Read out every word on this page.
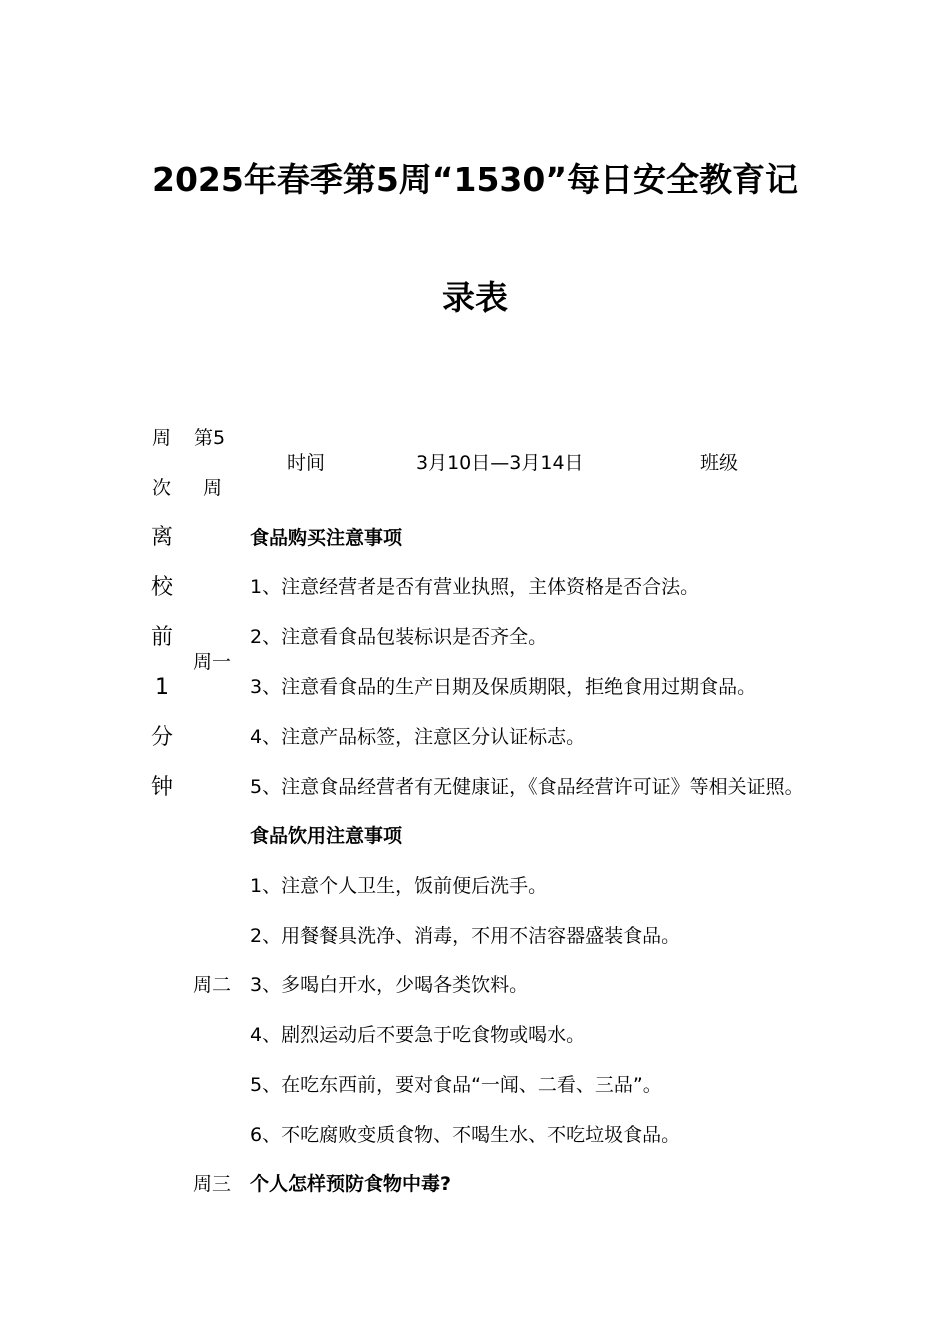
2025年春季第5周“1530”每日安全教育记
录表
周
次
第5
周
时间	3月10日—3月14日	班级
离
校
前
1
分
钟
周一
周二
周三
食品购买注意事项
1、注意经营者是否有营业执照，主体资格是否合法。
2、注意看食品包装标识是否齐全。
3、注意看食品的生产日期及保质期限，拒绝食用过期食品。
4、注意产品标签，注意区分认证标志。
5、注意食品经营者有无健康证，《食品经营许可证》等相关证照。
食品饮用注意事项
1、注意个人卫生，饭前便后洗手。
2、用餐餐具洗净、消毒，不用不洁容器盛装食品。
3、多喝白开水，少喝各类饮料。
4、剧烈运动后不要急于吃食物或喝水。
5、在吃东西前，要对食品“一闻、二看、三品”。
6、不吃腐败变质食物、不喝生水、不吃垃圾食品。
个人怎样预防食物中毒?
